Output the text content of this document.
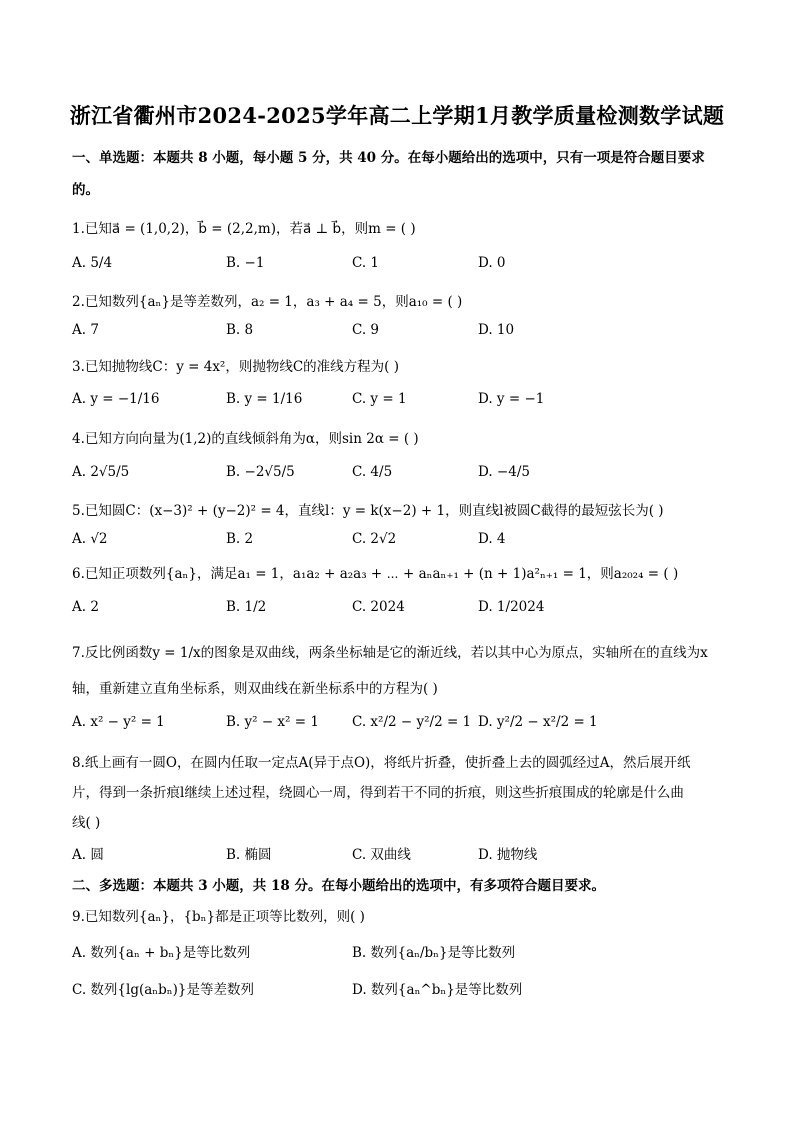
浙江省衢州市2024-2025学年高二上学期1月教学质量检测数学试题
一、单选题：本题共 8 小题，每小题 5 分，共 40 分。在每小题给出的选项中，只有一项是符合题目要求
的。
1.已知a⃗ = (1,0,2)，b⃗ = (2,2,m)，若a⃗ ⊥ b⃗，则m = ( )
A. 5/4	B. −1	C. 1	D. 0
2.已知数列{aₙ}是等差数列，a₂ = 1，a₃ + a₄ = 5，则a₁₀ = ( )
A. 7	B. 8	C. 9	D. 10
3.已知抛物线C：y = 4x²，则抛物线C的准线方程为( )
A. y = −1/16	B. y = 1/16	C. y = 1	D. y = −1
4.已知方向向量为(1,2)的直线倾斜角为α，则sin 2α = ( )
A. 2√5/5	B. −2√5/5	C. 4/5	D. −4/5
5.已知圆C：(x−3)² + (y−2)² = 4，直线l：y = k(x−2) + 1，则直线l被圆C截得的最短弦长为( )
A. √2	B. 2	C. 2√2	D. 4
6.已知正项数列{aₙ}，满足a₁ = 1，a₁a₂ + a₂a₃ + ⋯ + aₙaₙ₊₁ + (n + 1)a²ₙ₊₁ = 1，则a₂₀₂₄ = ( )
A. 2	B. 1/2	C. 2024	D. 1/2024
7.反比例函数y = 1/x的图象是双曲线，两条坐标轴是它的渐近线，若以其中心为原点，实轴所在的直线为x
轴，重新建立直角坐标系，则双曲线在新坐标系中的方程为( )
A. x² − y² = 1	B. y² − x² = 1 C. x²/2 − y²/2 = 1 D. y²/2 − x²/2 = 1
8.纸上画有一圆O，在圆内任取一定点A(异于点O)，将纸片折叠，使折叠上去的圆弧经过A，然后展开纸
片，得到一条折痕l继续上述过程，绕圆心一周，得到若干不同的折痕，则这些折痕围成的轮廓是什么曲
线( )
A. 圆	B. 椭圆	C. 双曲线	D. 抛物线
二、多选题：本题共 3 小题，共 18 分。在每小题给出的选项中，有多项符合题目要求。
9.已知数列{aₙ}，{bₙ}都是正项等比数列，则( )
A. 数列{aₙ + bₙ}是等比数列	B. 数列{aₙ/bₙ}是等比数列
C. 数列{lg(aₙbₙ)}是等差数列	D. 数列{aₙ^bₙ}是等比数列
